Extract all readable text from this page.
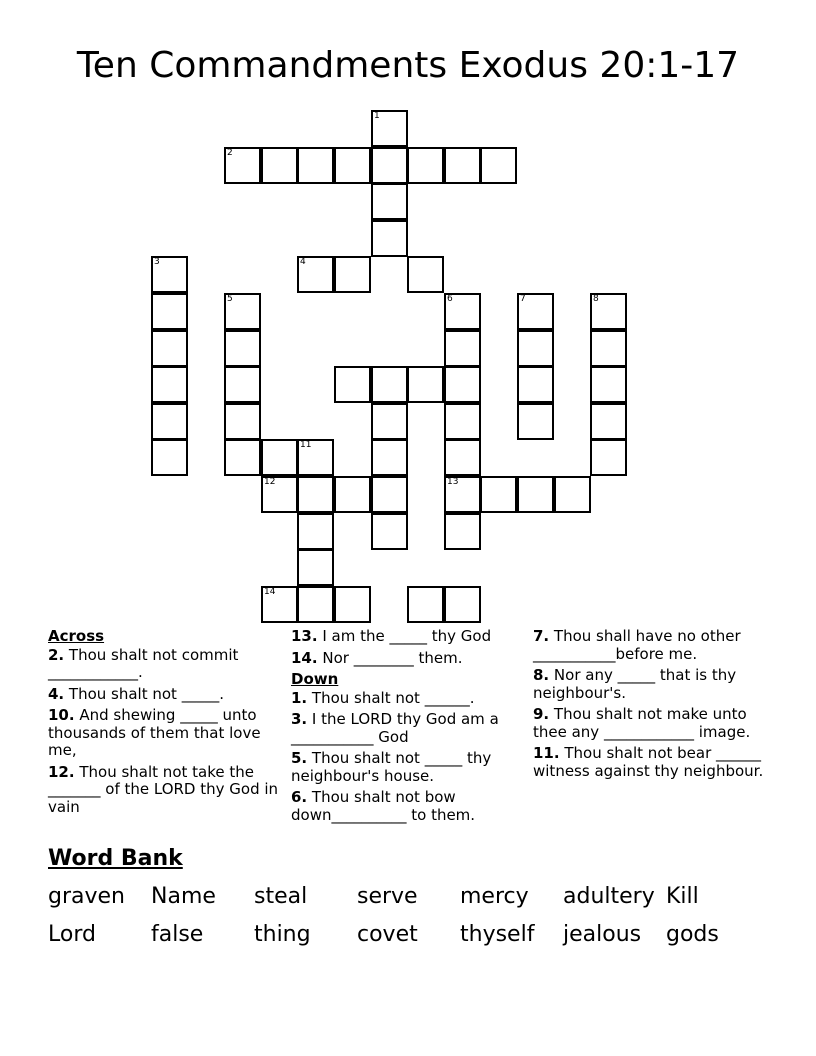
Ten Commandments Exodus 20:1-17
1
2
3	4
5	6
13
7	8
11
12
14
Across
2. Thou shalt not commit ____________.
4. Thou shalt not _____.
10. And shewing _____ unto thousands of them that love me,
12. Thou shalt not take the _______ of the LORD thy God in vain
13. I am the _____ thy God
14. Nor ________ them.
Down
1. Thou shalt not ______.
3. I the LORD thy God am a ___________ God
5. Thou shalt not _____ thy neighbour's house.
6. Thou shalt not bow down__________ to them.
7. Thou shall have no other ___________before me.
8. Nor any _____ that is thy neighbour's.
9. Thou shalt not make unto thee any ____________ image.
11. Thou shalt not bear ______ witness against thy neighbour.
Word Bank
graven Name steal serve mercy adultery Kill
Lord	false thing covet thyself jealous gods
